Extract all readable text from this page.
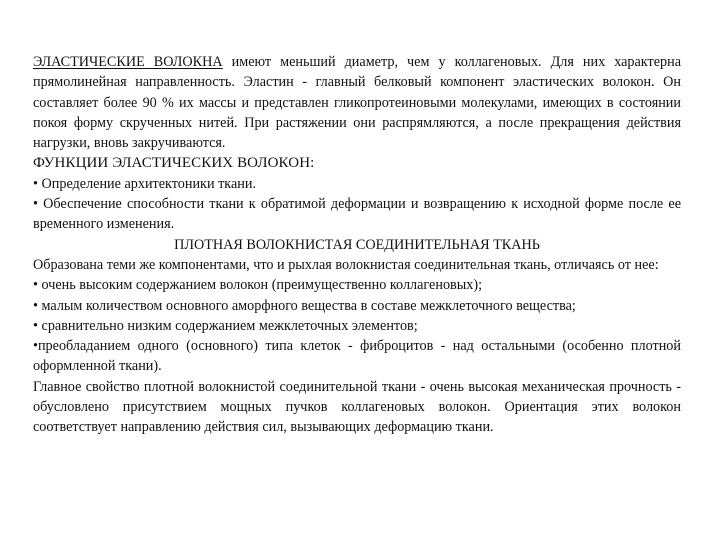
ЭЛАСТИЧЕСКИЕ ВОЛОКНА имеют меньший диаметр, чем у коллагеновых. Для них характерна прямолинейная направленность. Эластин - главный белковый компонент эластических волокон. Он составляет более 90 % их массы и представлен гликопротеиновыми молекулами, имеющих в состоянии покоя форму скрученных нитей. При растяжении они распрямляются, а после прекращения действия нагрузки, вновь закручиваются.

ФУНКЦИИ ЭЛАСТИЧЕСКИХ ВОЛОКОН:

• Определение архитектоники ткани.

• Обеспечение способности ткани к обратимой деформации и возвращению к исходной форме после ее временного изменения.

ПЛОТНАЯ ВОЛОКНИСТАЯ СОЕДИНИТЕЛЬНАЯ ТКАНЬ

Образована теми же компонентами, что и рыхлая волокнистая соединительная ткань, отличаясь от нее:

• очень высоким содержанием волокон (преимущественно коллагеновых);

• малым количеством основного аморфного вещества в составе межклеточного вещества;

• сравнительно низким содержанием межклеточных элементов;

• преобладанием одного (основного) типа клеток - фиброцитов - над остальными (особенно плотной оформленной ткани).

Главное свойство плотной волокнистой соединительной ткани - очень высокая механическая прочность - обусловлено присутствием мощных пучков коллагеновых волокон. Ориентация этих волокон соответствует направлению действия сил, вызывающих деформацию ткани.
